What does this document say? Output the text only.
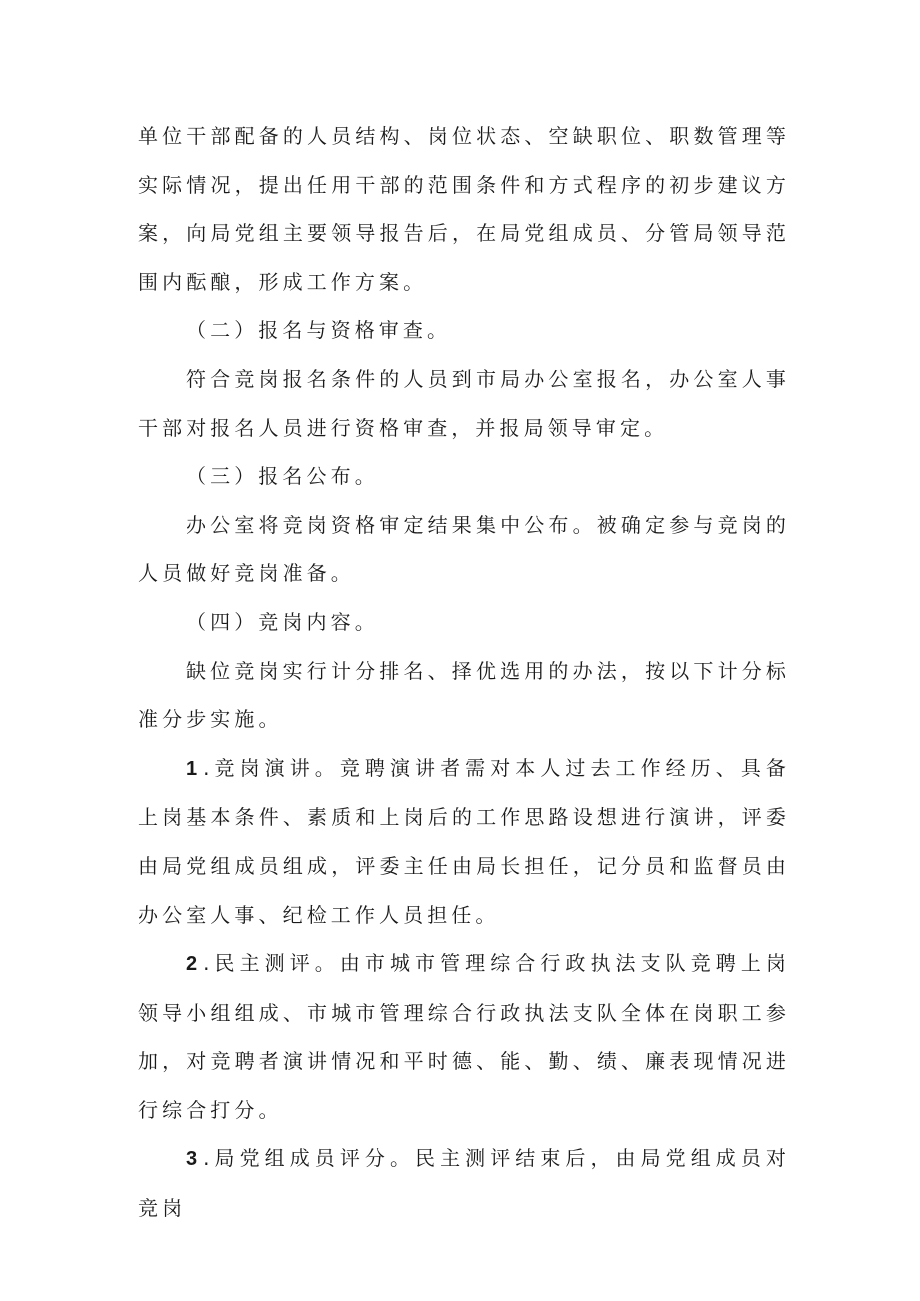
单位干部配备的人员结构、岗位状态、空缺职位、职数管理等实际情况，提出任用干部的范围条件和方式程序的初步建议方案，向局党组主要领导报告后，在局党组成员、分管局领导范围内酝酿，形成工作方案。

（二）报名与资格审查。

符合竞岗报名条件的人员到市局办公室报名，办公室人事干部对报名人员进行资格审查，并报局领导审定。

（三）报名公布。

办公室将竞岗资格审定结果集中公布。被确定参与竞岗的人员做好竞岗准备。

（四）竞岗内容。

缺位竞岗实行计分排名、择优选用的办法，按以下计分标准分步实施。

1 .竞岗演讲。竞聘演讲者需对本人过去工作经历、具备上岗基本条件、素质和上岗后的工作思路设想进行演讲，评委由局党组成员组成，评委主任由局长担任，记分员和监督员由办公室人事、纪检工作人员担任。

2 .民主测评。由市城市管理综合行政执法支队竞聘上岗领导小组组成、市城市管理综合行政执法支队全体在岗职工参加，对竞聘者演讲情况和平时德、能、勤、绩、廉表现情况进行综合打分。

3 .局党组成员评分。民主测评结束后，由局党组成员对竞岗
